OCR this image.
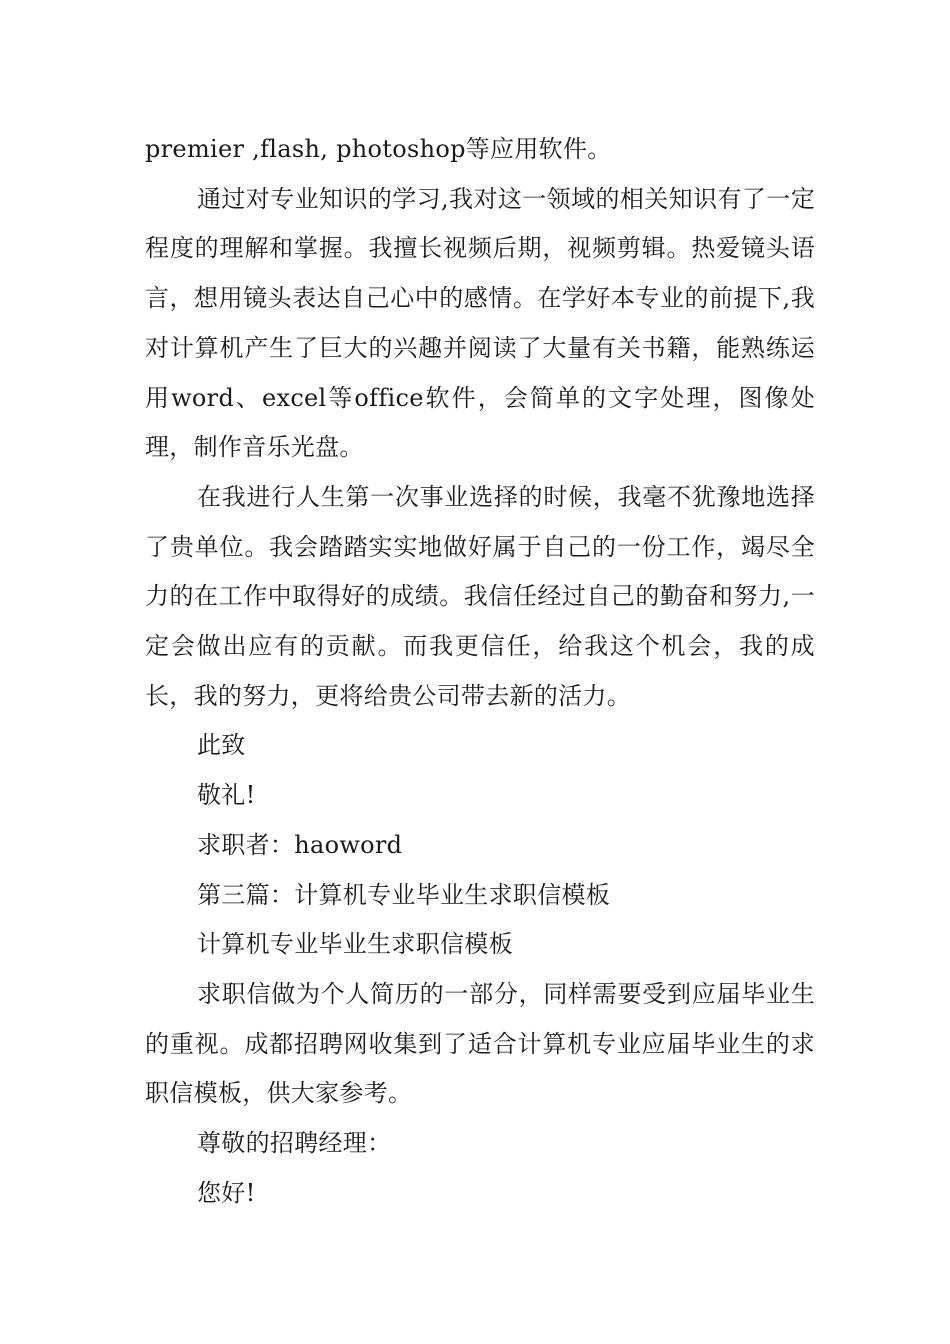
premier ,flash, photoshop等应用软件。

通过对专业知识的学习,我对这一领域的相关知识有了一定程度的理解和掌握。我擅长视频后期，视频剪辑。热爱镜头语言，想用镜头表达自己心中的感情。在学好本专业的前提下,我对计算机产生了巨大的兴趣并阅读了大量有关书籍，能熟练运用word、excel等office软件，会简单的文字处理，图像处理，制作音乐光盘。

在我进行人生第一次事业选择的时候，我毫不犹豫地选择了贵单位。我会踏踏实实地做好属于自己的一份工作，竭尽全力的在工作中取得好的成绩。我信任经过自己的勤奋和努力,一定会做出应有的贡献。而我更信任，给我这个机会，我的成长，我的努力，更将给贵公司带去新的活力。

此致

敬礼!

求职者：haoword

第三篇：计算机专业毕业生求职信模板

计算机专业毕业生求职信模板

求职信做为个人简历的一部分，同样需要受到应届毕业生的重视。成都招聘网收集到了适合计算机专业应届毕业生的求职信模板，供大家参考。

尊敬的招聘经理：

您好!
